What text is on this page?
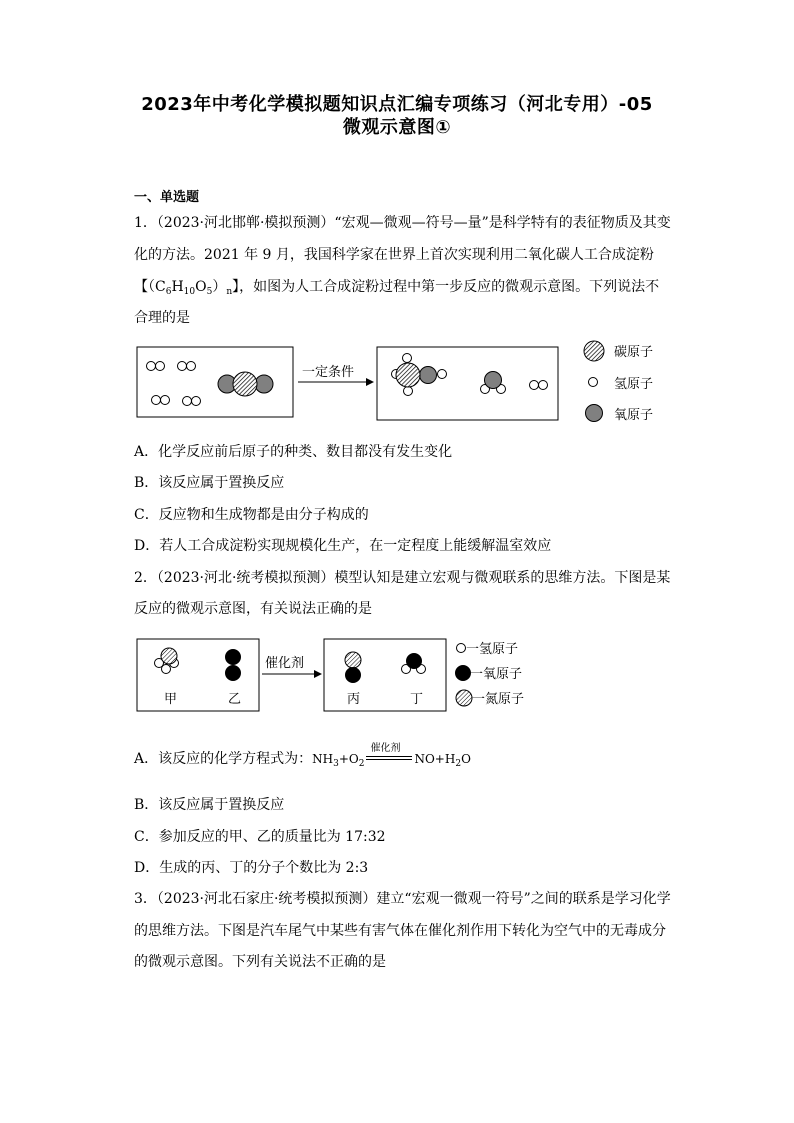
2023年中考化学模拟题知识点汇编专项练习（河北专用）-05
微观示意图①
一、单选题
1．（2023·河北邯郸·模拟预测）“宏观—微观—符号—量”是科学特有的表征物质及其变
化的方法。2021 年 9 月，我国科学家在世界上首次实现利用二氧化碳人工合成淀粉
【$(C_6H_{10}O_5)_n$】，如图为人工合成淀粉过程中第一步反应的微观示意图。下列说法不
合理的是
一定条件
碳原子
氢原子
氧原子
A．化学反应前后原子的种类、数目都没有发生变化
B．该反应属于置换反应
C．反应物和生成物都是由分子构成的
D．若人工合成淀粉实现规模化生产，在一定程度上能缓解温室效应
2．（2023·河北·统考模拟预测）模型认知是建立宏观与微观联系的思维方法。下图是某
反应的微观示意图，有关说法正确的是
甲	乙
催化剂
丙	丁
一氢原子
一氧原子
一氮原子
A．该反应的化学方程式为：$NH_3+O_2$
催化剂
$NO+H_2O$
B．该反应属于置换反应
C．参加反应的甲、乙的质量比为 17:32
D．生成的丙、丁的分子个数比为 2:3
3．（2023·河北石家庄·统考模拟预测）建立“宏观一微观一符号”之间的联系是学习化学
的思维方法。下图是汽车尾气中某些有害气体在催化剂作用下转化为空气中的无毒成分
的微观示意图。下列有关说法不正确的是
